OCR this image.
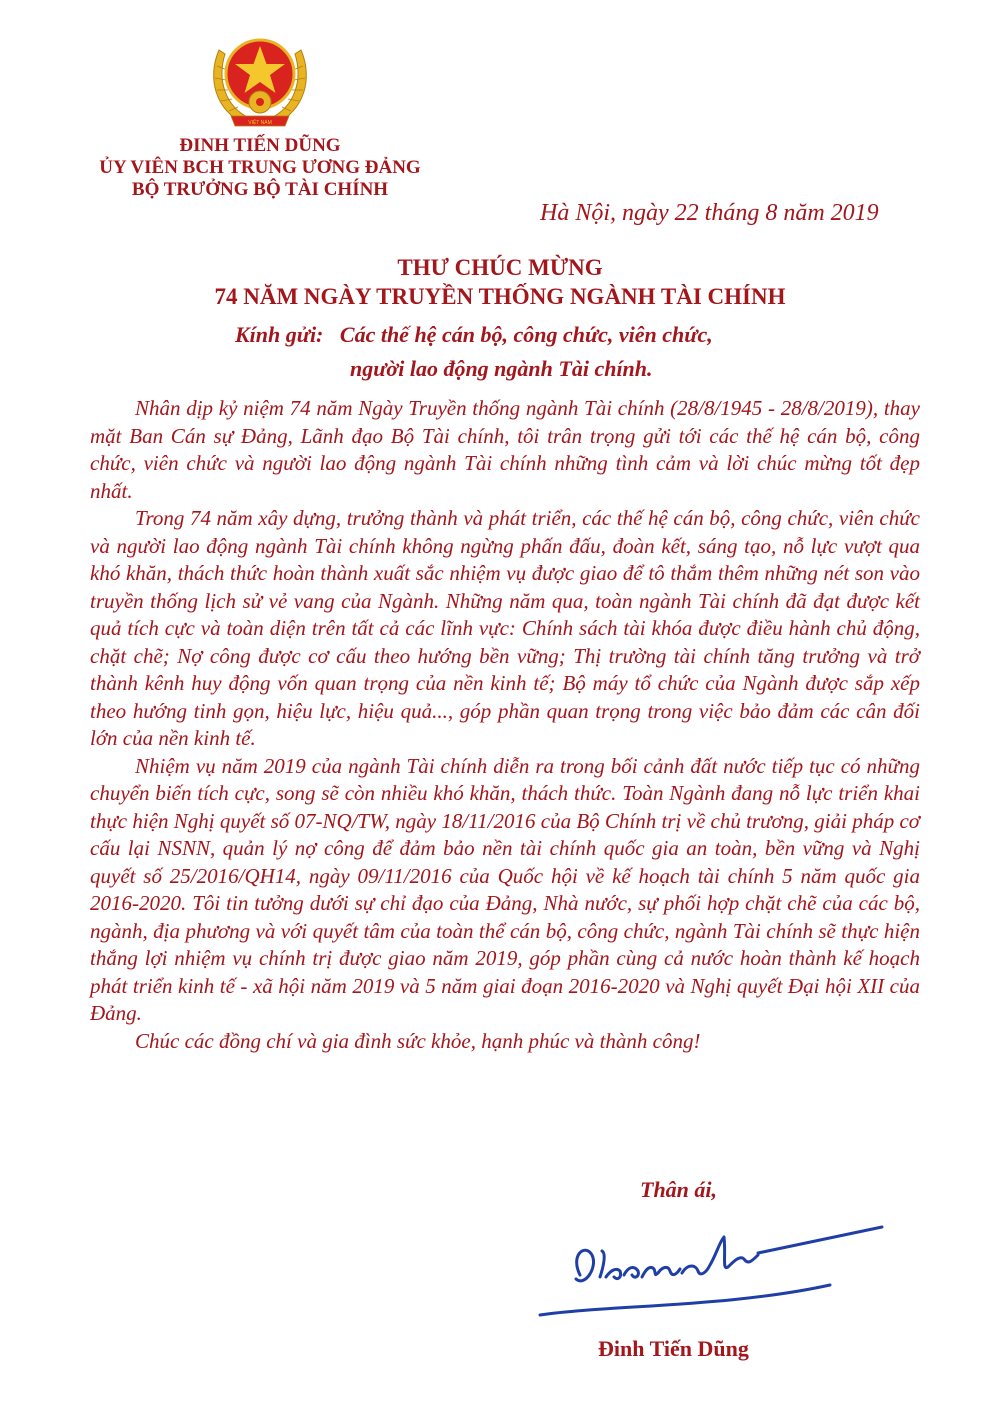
VIỆT NAM
ĐINH TIẾN DŨNG
ỦY VIÊN BCH TRUNG ƯƠNG ĐẢNG
BỘ TRƯỞNG BỘ TÀI CHÍNH
Hà Nội, ngày 22 tháng 8 năm 2019
THƯ CHÚC MỪNG
74 NĂM NGÀY TRUYỀN THỐNG NGÀNH TÀI CHÍNH
Kính gửi: Các thế hệ cán bộ, công chức, viên chức,
người lao động ngành Tài chính.

Nhân dịp kỷ niệm 74 năm Ngày Truyền thống ngành Tài chính (28/8/1945 - 28/8/2019), thay mặt Ban Cán sự Đảng, Lãnh đạo Bộ Tài chính, tôi trân trọng gửi tới các thế hệ cán bộ, công chức, viên chức và người lao động ngành Tài chính những tình cảm và lời chúc mừng tốt đẹp nhất.

Trong 74 năm xây dựng, trưởng thành và phát triển, các thế hệ cán bộ, công chức, viên chức và người lao động ngành Tài chính không ngừng phấn đấu, đoàn kết, sáng tạo, nỗ lực vượt qua khó khăn, thách thức hoàn thành xuất sắc nhiệm vụ được giao để tô thắm thêm những nét son vào truyền thống lịch sử vẻ vang của Ngành. Những năm qua, toàn ngành Tài chính đã đạt được kết quả tích cực và toàn diện trên tất cả các lĩnh vực: Chính sách tài khóa được điều hành chủ động, chặt chẽ; Nợ công được cơ cấu theo hướng bền vững; Thị trường tài chính tăng trưởng và trở thành kênh huy động vốn quan trọng của nền kinh tế; Bộ máy tổ chức của Ngành được sắp xếp theo hướng tinh gọn, hiệu lực, hiệu quả..., góp phần quan trọng trong việc bảo đảm các cân đối lớn của nền kinh tế.

Nhiệm vụ năm 2019 của ngành Tài chính diễn ra trong bối cảnh đất nước tiếp tục có những chuyển biến tích cực, song sẽ còn nhiều khó khăn, thách thức. Toàn Ngành đang nỗ lực triển khai thực hiện Nghị quyết số 07-NQ/TW, ngày 18/11/2016 của Bộ Chính trị về chủ trương, giải pháp cơ cấu lại NSNN, quản lý nợ công để đảm bảo nền tài chính quốc gia an toàn, bền vững và Nghị quyết số 25/2016/QH14, ngày 09/11/2016 của Quốc hội về kế hoạch tài chính 5 năm quốc gia 2016-2020. Tôi tin tưởng dưới sự chỉ đạo của Đảng, Nhà nước, sự phối hợp chặt chẽ của các bộ, ngành, địa phương và với quyết tâm của toàn thể cán bộ, công chức, ngành Tài chính sẽ thực hiện thắng lợi nhiệm vụ chính trị được giao năm 2019, góp phần cùng cả nước hoàn thành kế hoạch phát triển kinh tế - xã hội năm 2019 và 5 năm giai đoạn 2016-2020 và Nghị quyết Đại hội XII của Đảng.

Chúc các đồng chí và gia đình sức khỏe, hạnh phúc và thành công!

Thân ái,
Đinh Tiến Dũng
